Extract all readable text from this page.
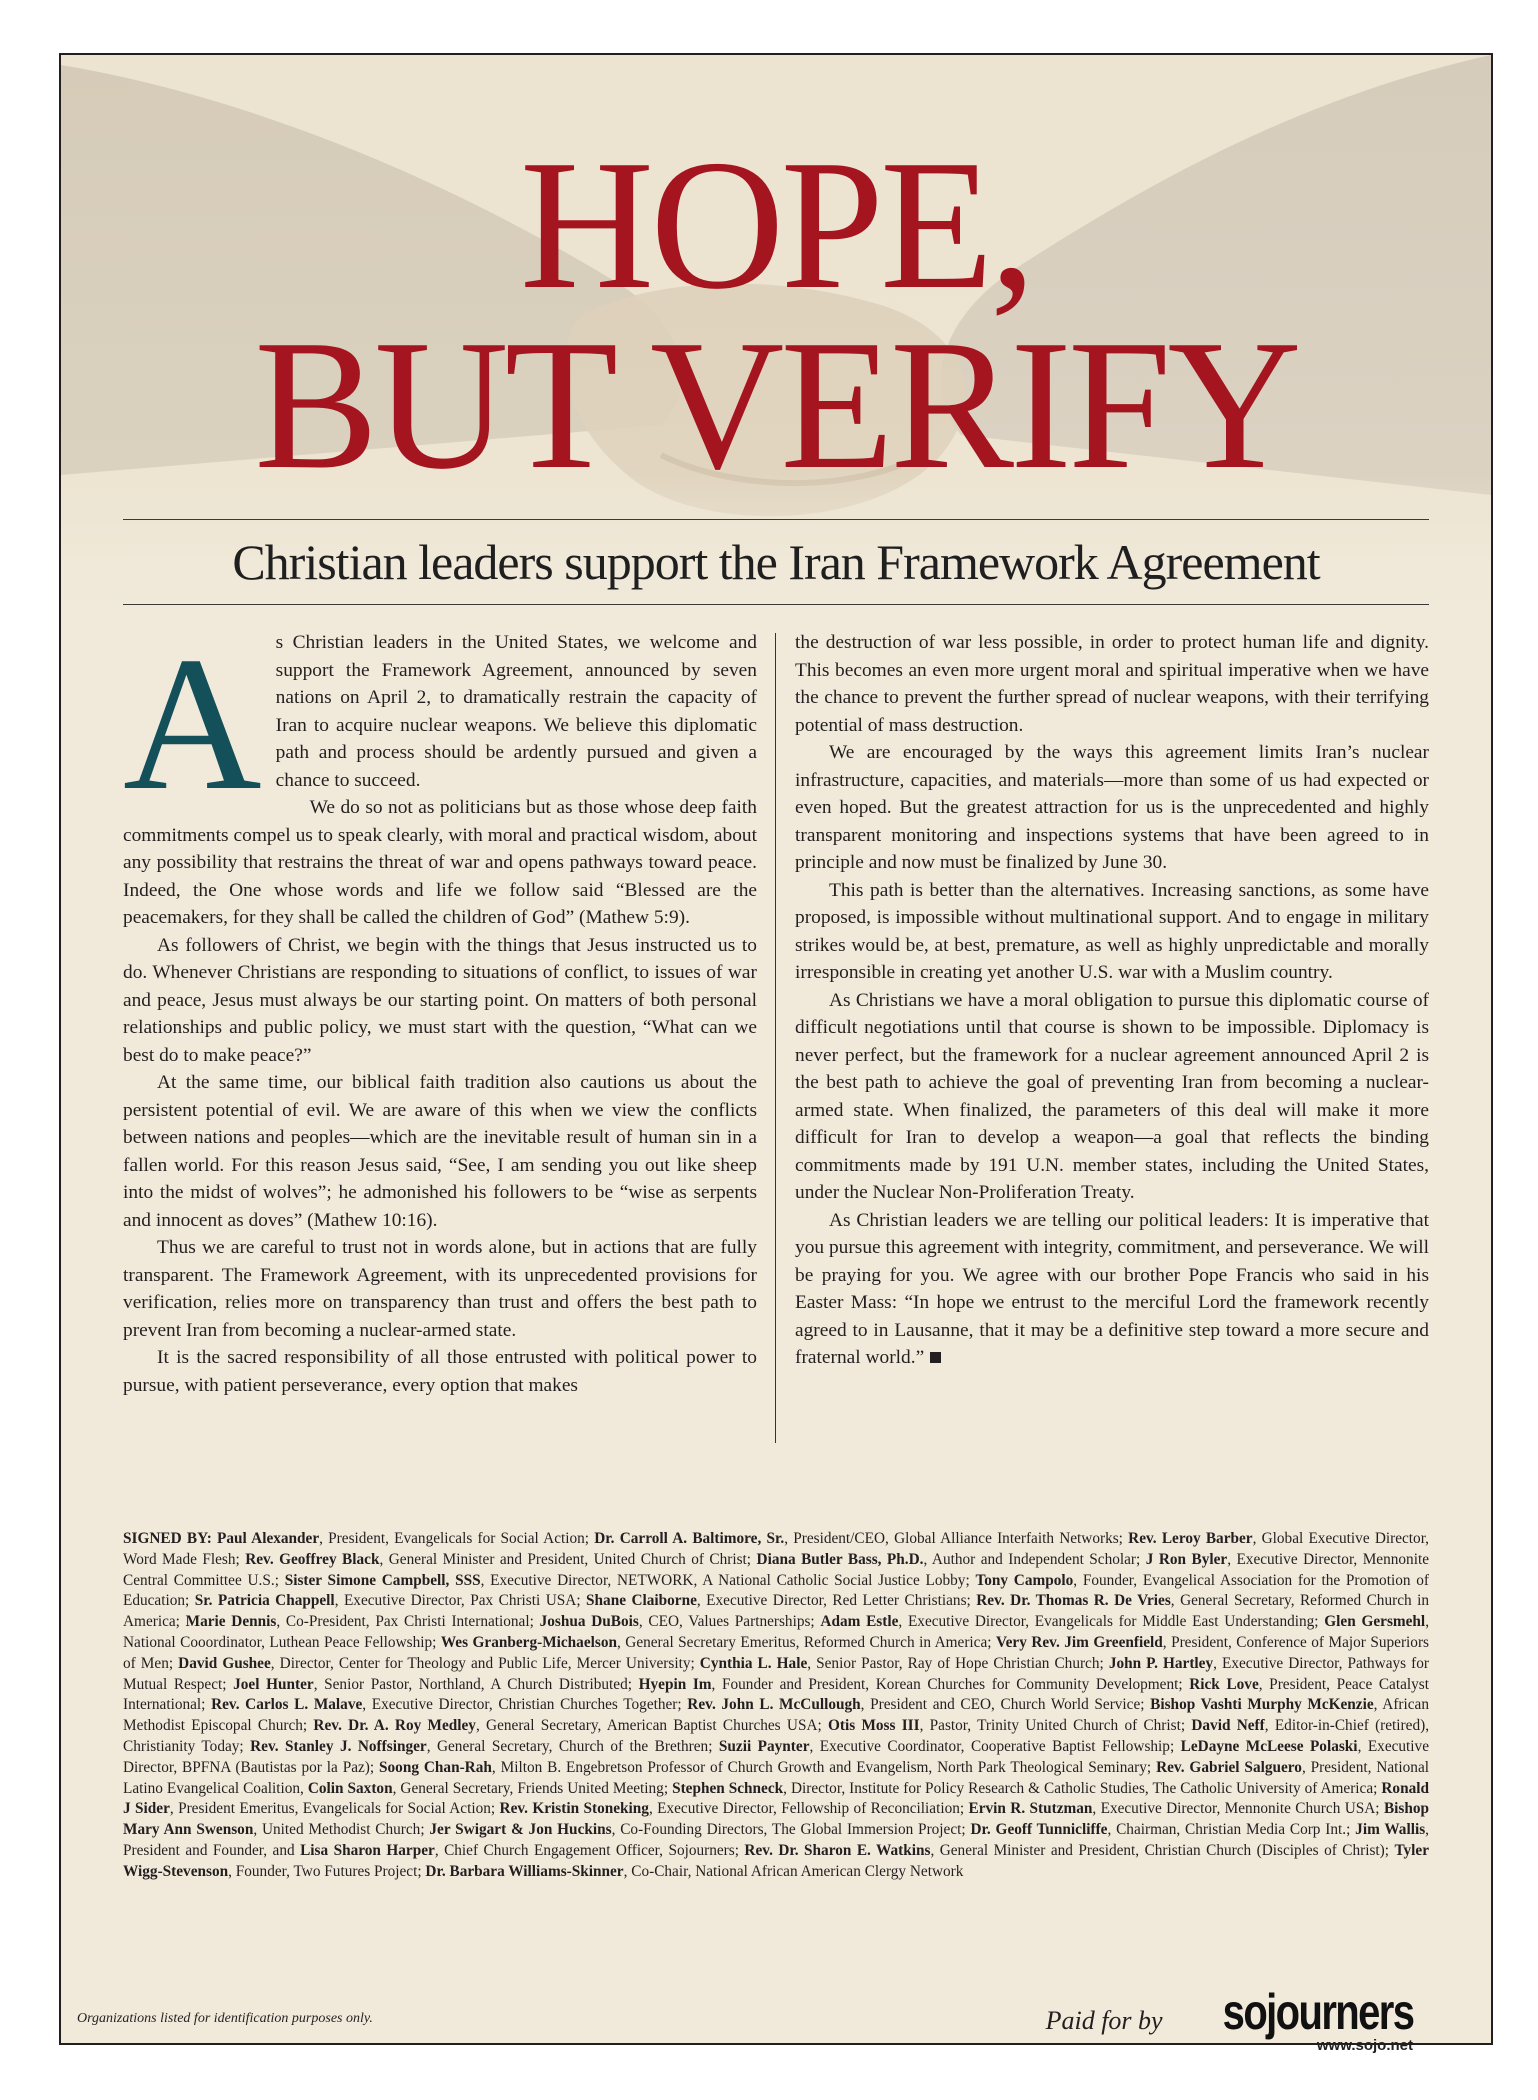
HOPE,
BUT VERIFY
Christian leaders support the Iran Framework Agreement

As Christian leaders in the United States, we welcome and support the Framework Agreement, announced by seven nations on April 2, to dramatically restrain the capacity of Iran to acquire nuclear weapons. We believe this diplomatic path and process should be ardently pursued and given a chance to succeed.

We do so not as politicians but as those whose deep faith commitments compel us to speak clearly, with moral and practical wisdom, about any possibility that restrains the threat of war and opens pathways toward peace. Indeed, the One whose words and life we follow said “Blessed are the peacemakers, for they shall be called the children of God” (Mathew 5:9).

As followers of Christ, we begin with the things that Jesus instructed us to do. Whenever Christians are responding to situations of conflict, to issues of war and peace, Jesus must always be our starting point. On matters of both personal relationships and public policy, we must start with the question, “What can we best do to make peace?”

At the same time, our biblical faith tradition also cautions us about the persistent potential of evil. We are aware of this when we view the conflicts between nations and peoples—which are the inevitable result of human sin in a fallen world. For this reason Jesus said, “See, I am sending you out like sheep into the midst of wolves”; he admonished his followers to be “wise as serpents and innocent as doves” (Mathew 10:16).

Thus we are careful to trust not in words alone, but in actions that are fully transparent. The Framework Agreement, with its unprecedented provisions for verification, relies more on transparency than trust and offers the best path to prevent Iran from becoming a nuclear-armed state.

It is the sacred responsibility of all those entrusted with political power to pursue, with patient perseverance, every option that makes

the destruction of war less possible, in order to protect human life and dignity. This becomes an even more urgent moral and spiritual imperative when we have the chance to prevent the further spread of nuclear weapons, with their terrifying potential of mass destruction.

We are encouraged by the ways this agreement limits Iran’s nuclear infrastructure, capacities, and materials—more than some of us had expected or even hoped. But the greatest attraction for us is the unprecedented and highly transparent monitoring and inspections systems that have been agreed to in principle and now must be finalized by June 30.

This path is better than the alternatives. Increasing sanctions, as some have proposed, is impossible without multinational support. And to engage in military strikes would be, at best, premature, as well as highly unpredictable and morally irresponsible in creating yet another U.S. war with a Muslim country.

As Christians we have a moral obligation to pursue this diplomatic course of difficult negotiations until that course is shown to be impossible. Diplomacy is never perfect, but the framework for a nuclear agreement announced April 2 is the best path to achieve the goal of preventing Iran from becoming a nuclear-armed state. When finalized, the parameters of this deal will make it more difficult for Iran to develop a weapon—a goal that reflects the binding commitments made by 191 U.N. member states, including the United States, under the Nuclear Non-Proliferation Treaty.

As Christian leaders we are telling our political leaders: It is imperative that you pursue this agreement with integrity, commitment, and perseverance. We will be praying for you. We agree with our brother Pope Francis who said in his Easter Mass: “In hope we entrust to the merciful Lord the framework recently agreed to in Lausanne, that it may be a definitive step toward a more secure and fraternal world.”

SIGNED BY: Paul Alexander, President, Evangelicals for Social Action; Dr. Carroll A. Baltimore, Sr., President/CEO, Global Alliance Interfaith Networks; Rev. Leroy Barber, Global Executive Director, Word Made Flesh; Rev. Geoffrey Black, General Minister and President, United Church of Christ; Diana Butler Bass, Ph.D., Author and Independent Scholar; J Ron Byler, Executive Director, Mennonite Central Committee U.S.; Sister Simone Campbell, SSS, Executive Director, NETWORK, A National Catholic Social Justice Lobby; Tony Campolo, Founder, Evangelical Association for the Promotion of Education; Sr. Patricia Chappell, Executive Director, Pax Christi USA; Shane Claiborne, Executive Director, Red Letter Christians; Rev. Dr. Thomas R. De Vries, General Secretary, Reformed Church in America; Marie Dennis, Co-President, Pax Christi International; Joshua DuBois, CEO, Values Partnerships; Adam Estle, Executive Director, Evangelicals for Middle East Understanding; Glen Gersmehl, National Cooordinator, Luthean Peace Fellowship; Wes Granberg-Michaelson, General Secretary Emeritus, Reformed Church in America; Very Rev. Jim Greenfield, President, Conference of Major Superiors of Men; David Gushee, Director, Center for Theology and Public Life, Mercer University; Cynthia L. Hale, Senior Pastor, Ray of Hope Christian Church; John P. Hartley, Executive Director, Pathways for Mutual Respect; Joel Hunter, Senior Pastor, Northland, A Church Distributed; Hyepin Im, Founder and President, Korean Churches for Community Development; Rick Love, President, Peace Catalyst International; Rev. Carlos L. Malave, Executive Director, Christian Churches Together; Rev. John L. McCullough, President and CEO, Church World Service; Bishop Vashti Murphy McKenzie, African Methodist Episcopal Church; Rev. Dr. A. Roy Medley, General Secretary, American Baptist Churches USA; Otis Moss III, Pastor, Trinity United Church of Christ; David Neff, Editor-in-Chief (retired), Christianity Today; Rev. Stanley J. Noffsinger, General Secretary, Church of the Brethren; Suzii Paynter, Executive Coordinator, Cooperative Baptist Fellowship; LeDayne McLeese Polaski, Executive Director, BPFNA (Bautistas por la Paz); Soong Chan-Rah, Milton B. Engebretson Professor of Church Growth and Evangelism, North Park Theological Seminary; Rev. Gabriel Salguero, President, National Latino Evangelical Coalition, Colin Saxton, General Secretary, Friends United Meeting; Stephen Schneck, Director, Institute for Policy Research & Catholic Studies, The Catholic University of America; Ronald J Sider, President Emeritus, Evangelicals for Social Action; Rev. Kristin Stoneking, Executive Director, Fellowship of Reconciliation; Ervin R. Stutzman, Executive Director, Mennonite Church USA; Bishop Mary Ann Swenson, United Methodist Church; Jer Swigart & Jon Huckins, Co-Founding Directors, The Global Immersion Project; Dr. Geoff Tunnicliffe, Chairman, Christian Media Corp Int.; Jim Wallis, President and Founder, and Lisa Sharon Harper, Chief Church Engagement Officer, Sojourners; Rev. Dr. Sharon E. Watkins, General Minister and President, Christian Church (Disciples of Christ); Tyler Wigg-Stevenson, Founder, Two Futures Project; Dr. Barbara Williams-Skinner, Co-Chair, National African American Clergy Network
Paid for by sojourners
www.sojo.net
Organizations listed for identification purposes only.
